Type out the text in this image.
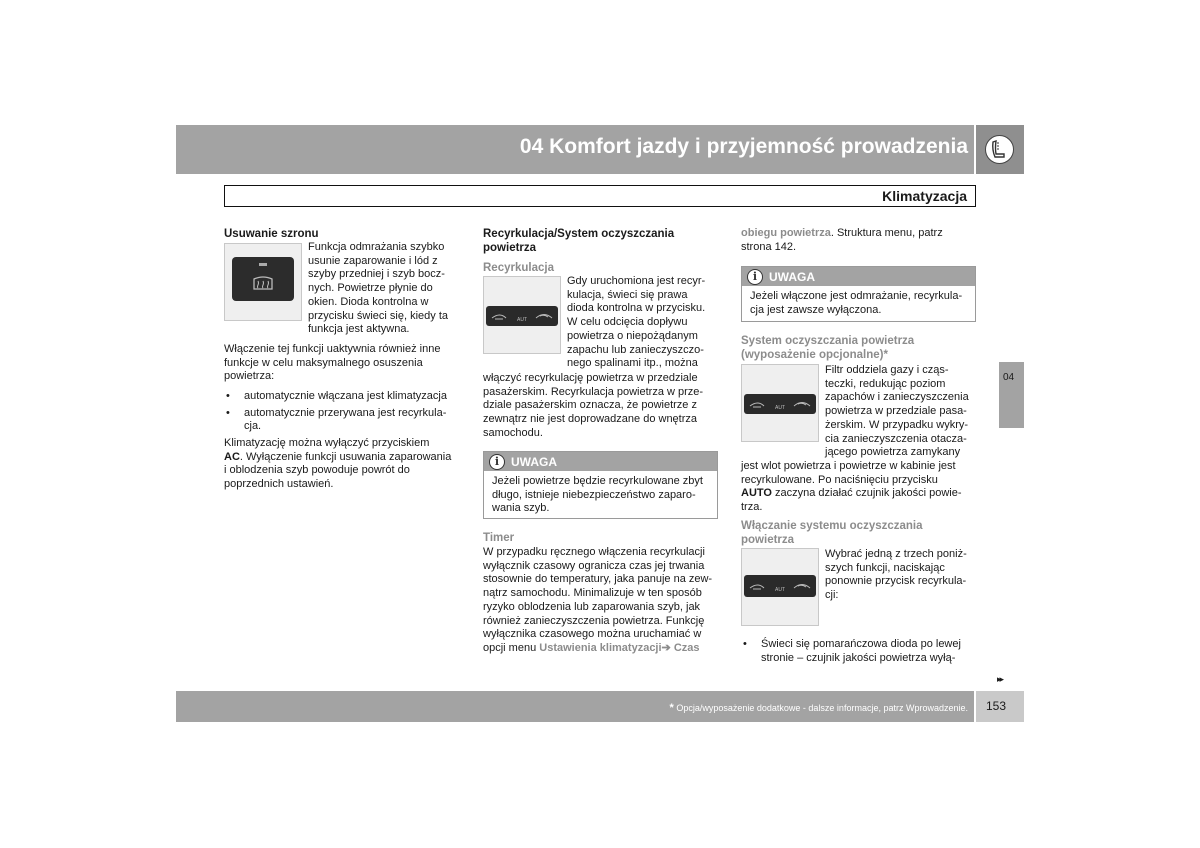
04 Komfort jazdy i przyjemność prowadzenia
Klimatyzacja
04
Usuwanie szronu
Funkcja odmrażania szybko
usunie zaparowanie i lód z
szyby przedniej i szyb bocz-
nych. Powietrze płynie do
okien. Dioda kontrolna w
przycisku świeci się, kiedy ta
funkcja jest aktywna.
Włączenie tej funkcji uaktywnia również inne
funkcje w celu maksymalnego osuszenia
powietrza:
• automatycznie włączana jest klimatyzacja
• automatycznie przerywana jest recyrkula-
cja.
Klimatyzację można wyłączyć przyciskiem
AC. Wyłączenie funkcji usuwania zaparowania
i oblodzenia szyb powoduje powrót do
poprzednich ustawień.
Recyrkulacja/System oczyszczania
powietrza
Recyrkulacja
AUT
Gdy uruchomiona jest recyr-
kulacja, świeci się prawa
dioda kontrolna w przycisku.
W celu odcięcia dopływu
powietrza o niepożądanym
zapachu lub zanieczyszczo-
nego spalinami itp., można
włączyć recyrkulację powietrza w przedziale
pasażerskim. Recyrkulacja powietrza w prze-
dziale pasażerskim oznacza, że powietrze z
zewnątrz nie jest doprowadzane do wnętrza
samochodu.
i UWAGA
Jeżeli powietrze będzie recyrkulowane zbyt
długo, istnieje niebezpieczeństwo zaparo-
wania szyb.
Timer
W przypadku ręcznego włączenia recyrkulacji
wyłącznik czasowy ogranicza czas jej trwania
stosownie do temperatury, jaka panuje na zew-
nątrz samochodu. Minimalizuje w ten sposób
ryzyko oblodzenia lub zaparowania szyb, jak
również zanieczyszczenia powietrza. Funkcję
wyłącznika czasowego można uruchamiać w
opcji menu Ustawienia klimatyzacji➔ Czas
obiegu powietrza. Struktura menu, patrz
strona 142.
i UWAGA
Jeżeli włączone jest odmrażanie, recyrkula-
cja jest zawsze wyłączona.
System oczyszczania powietrza
(wyposażenie opcjonalne)*
AUT
Filtr oddziela gazy i cząs-
teczki, redukując poziom
zapachów i zanieczyszczenia
powietrza w przedziale pasa-
żerskim. W przypadku wykry-
cia zanieczyszczenia otacza-
jącego powietrza zamykany
jest wlot powietrza i powietrze w kabinie jest
recyrkulowane. Po naciśnięciu przycisku
AUTO zaczyna działać czujnik jakości powie-
trza.
Włączanie systemu oczyszczania
powietrza
AUT
Wybrać jedną z trzech poniż-
szych funkcji, naciskając
ponownie przycisk recyrkula-
cji:
• Świeci się pomarańczowa dioda po lewej
stronie – czujnik jakości powietrza wyłą-
▸▸
* Opcja/wyposażenie dodatkowe - dalsze informacje, patrz Wprowadzenie. 153
